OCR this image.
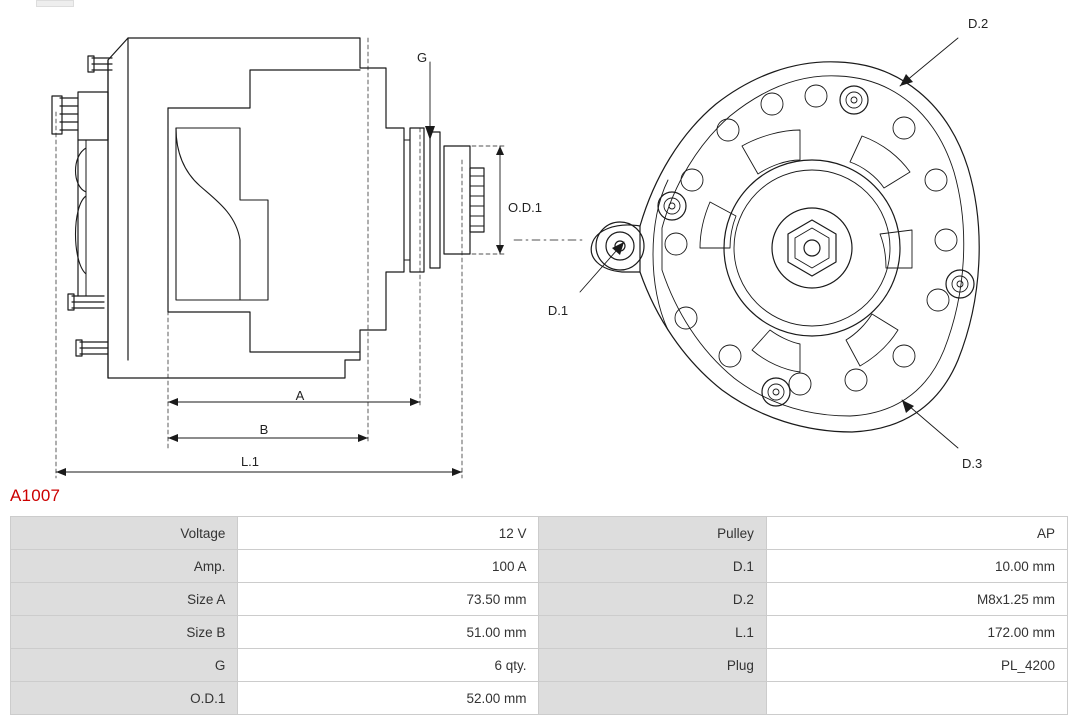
G
O.D.1
A
B
L.1
D.1
D.2
D.3
A1007
Voltage	12 V	Pulley	AP
Amp.	100 A	D.1	10.00 mm
Size A	73.50 mm	D.2	M8x1.25 mm
Size B	51.00 mm	L.1	172.00 mm
G	6 qty.	Plug	PL_4200
O.D.1	52.00 mm		
